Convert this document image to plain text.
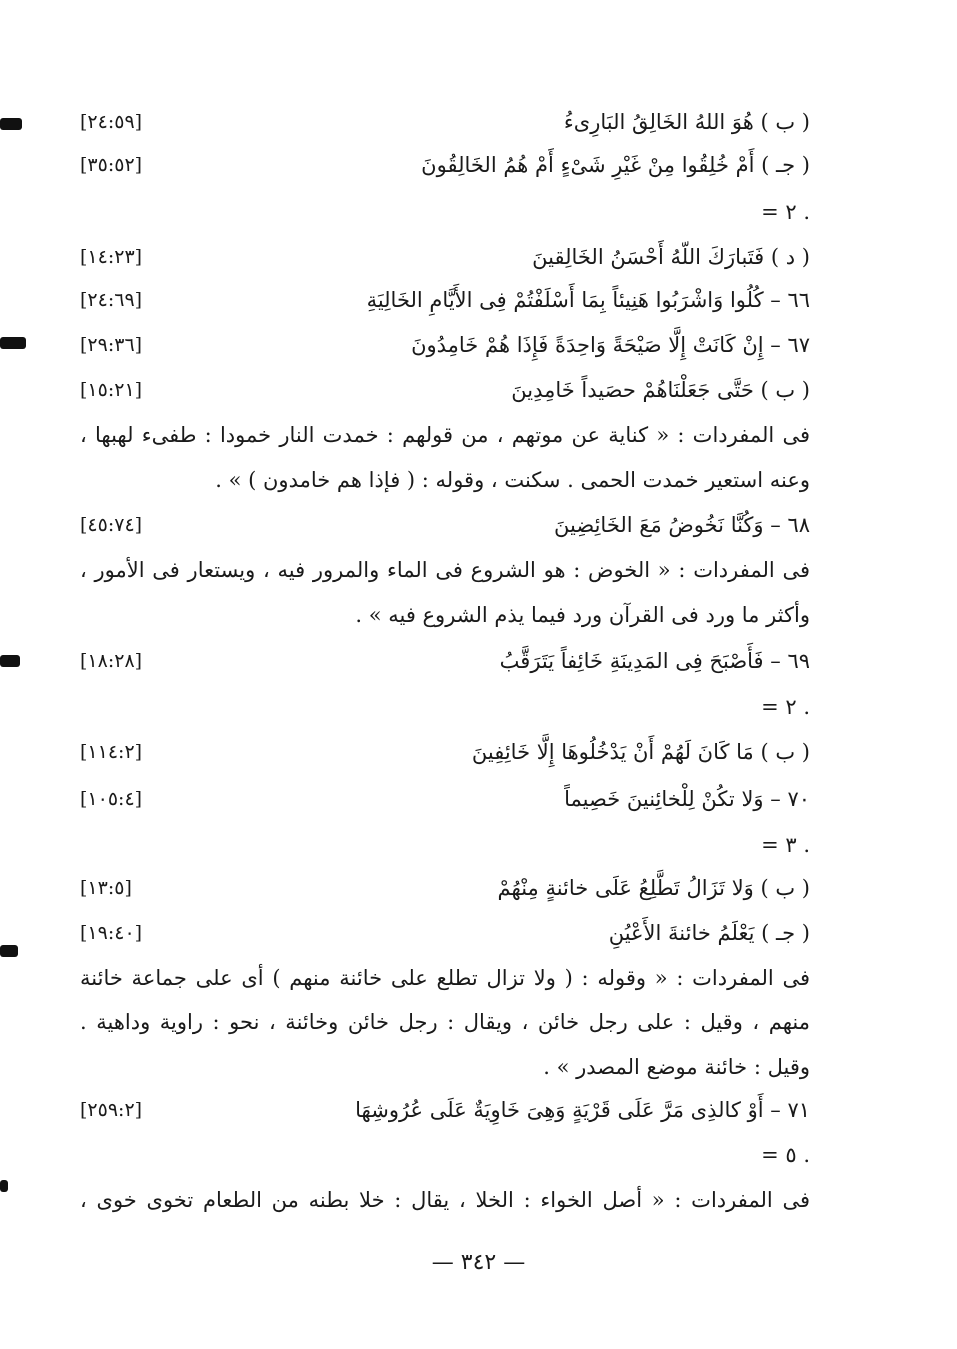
( ب ) هُوَ اللهُ الخَالِقُ البَارِىءُ
[٢٤:٥٩]
( جـ ) أَمْ خُلِقُوا مِنْ غَيْرِ شَىْءٍ أَمْ هُمُ الخَالِقُونَ
[٣٥:٥٢]
= ٢ .
( د ) فَتَبارَكَ اللّهُ أَحْسَنُ الخَالِقينَ
[١٤:٢٣]
٦٦ – كُلُوا وَاشْرَبُوا هَنِيئاً بِمَا أَسْلَفْتُمْ فِى الأَيَّامِ الخَالِيَةِ
[٢٤:٦٩]
٦٧ – إِنْ كَانَتْ إِلَّا صَيْحَةً وَاحِدَةً فَإِذَا هُمْ خَامِدُونَ
[٢٩:٣٦]
( ب ) حَتَّى جَعَلْنَاهُمْ حصَيداً خَامِدِينَ
[١٥:٢١]
فى المفردات : « كناية عن موتهم ، من قولهم : خمدت النار خمودا : طفىء لهبها ،
وعنه استعير خمدت الحمى . سكنت ، وقوله : ( فإذا هم خامدون ) » .
٦٨ – وَكُنَّا نَخُوضُ مَعَ الخَائِضِينَ
[٤٥:٧٤]
فى المفردات : « الخوض : هو الشروع فى الماء والمرور فيه ، ويستعار فى الأمور ،
وأكثر ما ورد فى القرآن ورد فيما يذم الشروع فيه » .
٦٩ – فَأَصْبَحَ فِى المَدِينَةِ خَائِفاً يَتَرَقَّبُ
[١٨:٢٨]
= ٢ .
( ب ) مَا كَانَ لَهُمْ أَنْ يَدْخُلُوهَا إِلَّا خَائِفِينَ
[١١٤:٢]
٧٠ – وَلا تكُنْ لِلْخائِنينَ خَصِيماً
[١٠٥:٤]
= ٣ .
( ب ) وَلا تَزَالُ تَطَّلِعُ عَلَى خائنةٍ مِنْهُمْ
[١٣:٥]
( جـ ) يَعْلَمُ خائنةَ الأَعْيُنِ
[١٩:٤٠]
فى المفردات : « وقوله : ( ولا تزال تطلع على خائنة منهم ) أى على جماعة خائنة
منهم ، وقيل : على رجل خائن ، ويقال : رجل خائن وخائنة ، نحو : راوية وداهية .
وقيل : خائنة موضع المصدر » .
٧١ – أَوْ كالذِى مَرَّ عَلَى قَرْيَةٍ وَهِىَ خَاوِيَةٌ عَلَى عُرُوشِهَا
[٢٥٩:٢]
= ٥ .
فى المفردات : « أصل الخواء : الخلا ، يقال : خلا بطنه من الطعام تخوى خوى ،
— ٣٤٢ —
